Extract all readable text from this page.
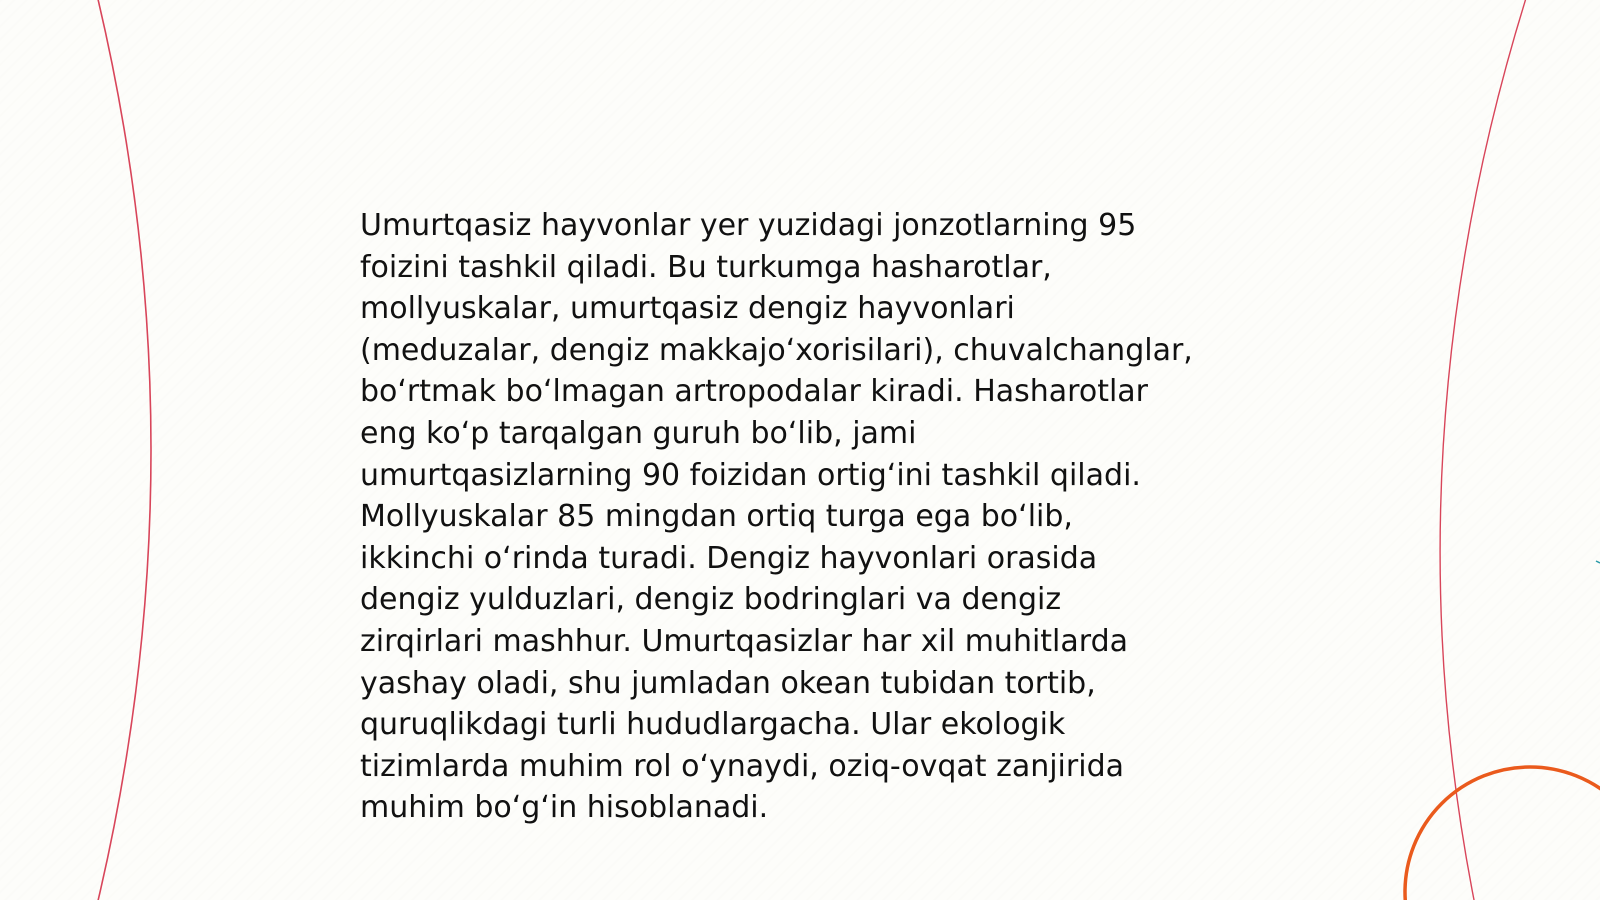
Umurtqasiz hayvonlar yer yuzidagi jonzotlarning 95
foizini tashkil qiladi. Bu turkumga hasharotlar,
mollyuskalar, umurtqasiz dengiz hayvonlari
(meduzalar, dengiz makkajoʻxorisilari), chuvalchanglar,
boʻrtmak boʻlmagan artropodalar kiradi. Hasharotlar
eng koʻp tarqalgan guruh boʻlib, jami
umurtqasizlarning 90 foizidan ortigʻini tashkil qiladi.
Mollyuskalar 85 mingdan ortiq turga ega boʻlib,
ikkinchi oʻrinda turadi. Dengiz hayvonlari orasida
dengiz yulduzlari, dengiz bodringlari va dengiz
zirqirlari mashhur. Umurtqasizlar har xil muhitlarda
yashay oladi, shu jumladan okean tubidan tortib,
quruqlikdagi turli hududlargacha. Ular ekologik
tizimlarda muhim rol oʻynaydi, oziq-ovqat zanjirida
muhim boʻgʻin hisoblanadi.
